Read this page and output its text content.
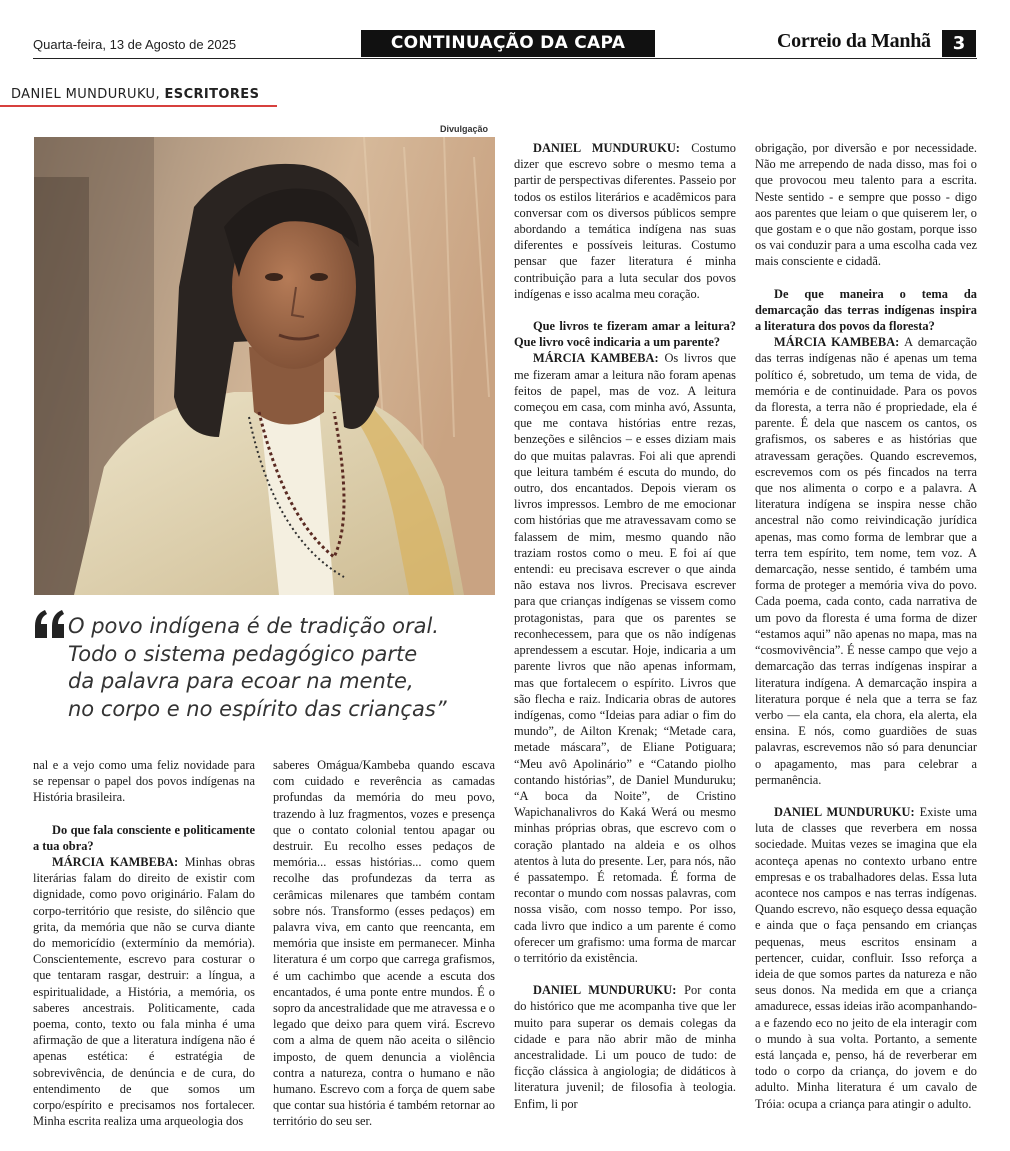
Quarta-feira, 13 de Agosto de 2025	CONTINUAÇÃO DA CAPA	Correio da Manhã	3
DANIEL MUNDURUKU, ESCRITORES
Divulgação
O povo indígena é de tradição oral.
Todo o sistema pedagógico parte
da palavra para ecoar na mente,
no corpo e no espírito das crianças”

nal e a vejo como uma feliz novidade para se repensar o papel dos povos indígenas na História brasileira.

Do que fala consciente e politicamente a tua obra?

MÁRCIA KAMBEBA: Minhas obras literárias falam do direito de existir com dignidade, como povo originário. Falam do corpo-território que resiste, do silêncio que grita, da memória que não se curva diante do memoricídio (extermínio da memória). Conscientemente, escrevo para costurar o que tentaram rasgar, destruir: a língua, a espiritualidade, a História, a memória, os saberes ancestrais. Politicamente, cada poema, conto, texto ou fala minha é uma afirmação de que a literatura indígena não é apenas estética: é estratégia de sobrevivência, de denúncia e de cura, do entendimento de que somos um corpo/espírito e precisamos nos fortalecer. Minha escrita realiza uma arqueologia dos

saberes Omágua/Kambeba quando escava com cuidado e reverência as camadas profundas da memória do meu povo, trazendo à luz fragmentos, vozes e presença que o contato colonial tentou apagar ou destruir. Eu recolho esses pedaços de memória... essas histórias... como quem recolhe das profundezas da terra as cerâmicas milenares que também contam sobre nós. Transformo (esses pedaços) em palavra viva, em canto que reencanta, em memória que insiste em permanecer. Minha literatura é um corpo que carrega grafismos, é um cachimbo que acende a escuta dos encantados, é uma ponte entre mundos. É o sopro da ancestralidade que me atravessa e o legado que deixo para quem virá. Escrevo com a alma de quem não aceita o silêncio imposto, de quem denuncia a violência contra a natureza, contra o humano e não humano. Escrevo com a força de quem sabe que contar sua história é também retornar ao território do seu ser.

DANIEL MUNDURUKU: Costumo dizer que escrevo sobre o mesmo tema a partir de perspectivas diferentes. Passeio por todos os estilos literários e acadêmicos para conversar com os diversos públicos sempre abordando a temática indígena nas suas diferentes e possíveis leituras. Costumo pensar que fazer literatura é minha contribuição para a luta secular dos povos indígenas e isso acalma meu coração.

Que livros te fizeram amar a leitura? Que livro você indicaria a um parente?

MÁRCIA KAMBEBA: Os livros que me fizeram amar a leitura não foram apenas feitos de papel, mas de voz. A leitura começou em casa, com minha avó, Assunta, que me contava histórias entre rezas, benzeções e silêncios – e esses diziam mais do que muitas palavras. Foi ali que aprendi que leitura também é escuta do mundo, do outro, dos encantados. Depois vieram os livros impressos. Lembro de me emocionar com histórias que me atravessavam como se falassem de mim, mesmo quando não traziam rostos como o meu. E foi aí que entendi: eu precisava escrever o que ainda não estava nos livros. Precisava escrever para que crianças indígenas se vissem como protagonistas, para que os parentes se reconhecessem, para que os não indígenas aprendessem a escutar. Hoje, indicaria a um parente livros que não apenas informam, mas que fortalecem o espírito. Livros que são flecha e raiz. Indicaria obras de autores indígenas, como “Ideias para adiar o fim do mundo”, de Ailton Krenak; “Metade cara, metade máscara”, de Eliane Potiguara; “Meu avô Apolinário” e “Catando piolho contando histórias”, de Daniel Munduruku; “A boca da Noite”, de Cristino Wapichanalivros do Kaká Werá ou mesmo minhas próprias obras, que escrevo com o coração plantado na aldeia e os olhos atentos à luta do presente. Ler, para nós, não é passatempo. É retomada. É forma de recontar o mundo com nossas palavras, com nossa visão, com nosso tempo. Por isso, cada livro que indico a um parente é como oferecer um grafismo: uma forma de marcar o território da existência.

DANIEL MUNDURUKU: Por conta do histórico que me acompanha tive que ler muito para superar os demais colegas da cidade e para não abrir mão de minha ancestralidade. Li um pouco de tudo: de ficção clássica à angiologia; de didáticos à literatura juvenil; de filosofia à teologia. Enfim, li por

obrigação, por diversão e por necessidade. Não me arrependo de nada disso, mas foi o que provocou meu talento para a escrita. Neste sentido - e sempre que posso - digo aos parentes que leiam o que quiserem ler, o que gostam e o que não gostam, porque isso os vai conduzir para a uma escolha cada vez mais consciente e cidadã.

De que maneira o tema da demarcação das terras indígenas inspira a literatura dos povos da floresta?

MÁRCIA KAMBEBA: A demarcação das terras indígenas não é apenas um tema político é, sobretudo, um tema de vida, de memória e de continuidade. Para os povos da floresta, a terra não é propriedade, ela é parente. É dela que nascem os cantos, os grafismos, os saberes e as histórias que atravessam gerações. Quando escrevemos, escrevemos com os pés fincados na terra que nos alimenta o corpo e a palavra. A literatura indígena se inspira nesse chão ancestral não como reivindicação jurídica apenas, mas como forma de lembrar que a terra tem espírito, tem nome, tem voz. A demarcação, nesse sentido, é também uma forma de proteger a memória viva do povo. Cada poema, cada conto, cada narrativa de um povo da floresta é uma forma de dizer “estamos aqui” não apenas no mapa, mas na “cosmovivência”. É nesse campo que vejo a demarcação das terras indígenas inspirar a literatura indígena. A demarcação inspira a literatura porque é nela que a terra se faz verbo — ela canta, ela chora, ela alerta, ela ensina. E nós, como guardiões de suas palavras, escrevemos não só para denunciar o apagamento, mas para celebrar a permanência.

DANIEL MUNDURUKU: Existe uma luta de classes que reverbera em nossa sociedade. Muitas vezes se imagina que ela aconteça apenas no contexto urbano entre empresas e os trabalhadores delas. Essa luta acontece nos campos e nas terras indígenas. Quando escrevo, não esqueço dessa equação e ainda que o faça pensando em crianças pequenas, meus escritos ensinam a pertencer, cuidar, confluir. Isso reforça a ideia de que somos partes da natureza e não seus donos. Na medida em que a criança amadurece, essas ideias irão acompanhando-a e fazendo eco no jeito de ela interagir com o mundo à sua volta. Portanto, a semente está lançada e, penso, há de reverberar em todo o corpo da criança, do jovem e do adulto. Minha literatura é um cavalo de Tróia: ocupa a criança para atingir o adulto.
